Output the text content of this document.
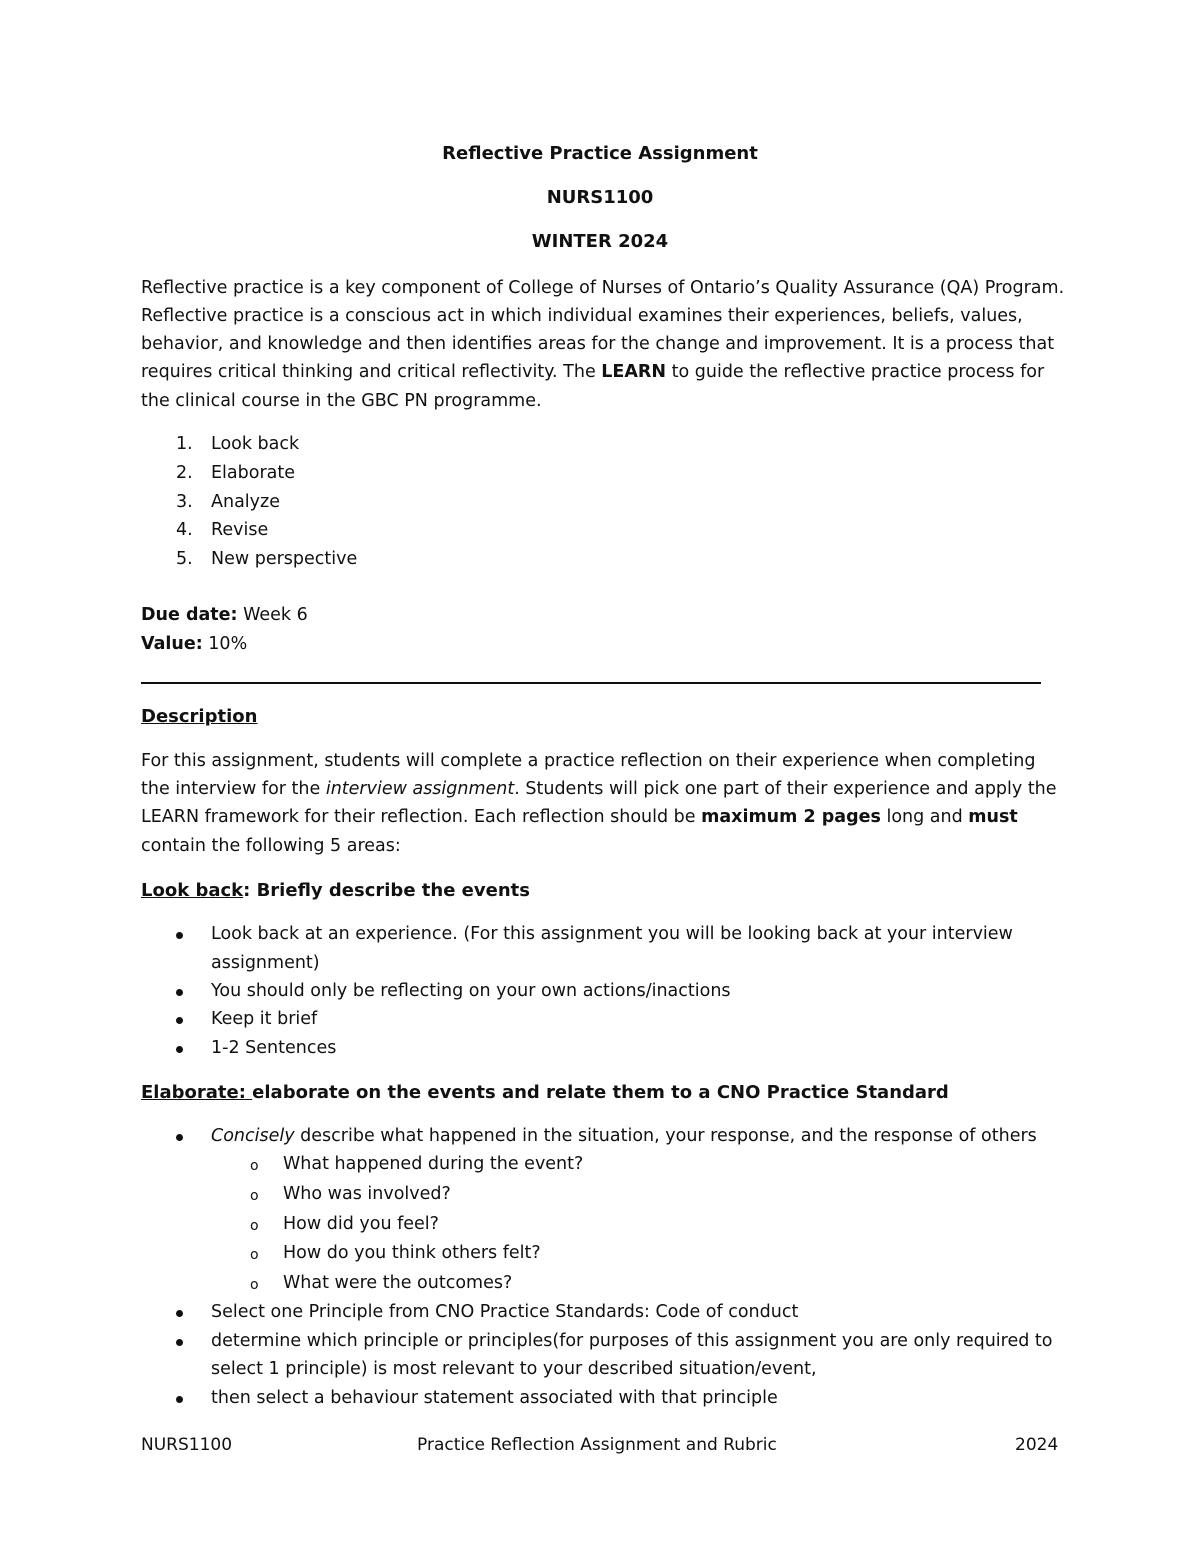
Reflective Practice Assignment
NURS1100
WINTER 2024
Reflective practice is a key component of College of Nurses of Ontario’s Quality Assurance (QA) Program.
Reflective practice is a conscious act in which individual examines their experiences, beliefs, values,
behavior, and knowledge and then identifies areas for the change and improvement. It is a process that
requires critical thinking and critical reflectivity. The LEARN to guide the reflective practice process for
the clinical course in the GBC PN programme.
1. Look back
2. Elaborate
3. Analyze
4. Revise
5. New perspective
Due date: Week 6
Value: 10%
Description
For this assignment, students will complete a practice reflection on their experience when completing
the interview for the interview assignment. Students will pick one part of their experience and apply the
LEARN framework for their reflection. Each reflection should be maximum 2 pages long and must
contain the following 5 areas:
Look back: Briefly describe the events
Look back at an experience. (For this assignment you will be looking back at your interview
assignment)
You should only be reflecting on your own actions/inactions
Keep it brief
1-2 Sentences
Elaborate: elaborate on the events and relate them to a CNO Practice Standard
Concisely describe what happened in the situation, your response, and the response of others
o What happened during the event?
o Who was involved?
o How did you feel?
o How do you think others felt?
o What were the outcomes?
Select one Principle from CNO Practice Standards: Code of conduct
determine which principle or principles(for purposes of this assignment you are only required to
select 1 principle) is most relevant to your described situation/event,
then select a behaviour statement associated with that principle
NURS1100	Practice Reflection Assignment and Rubric	2024
